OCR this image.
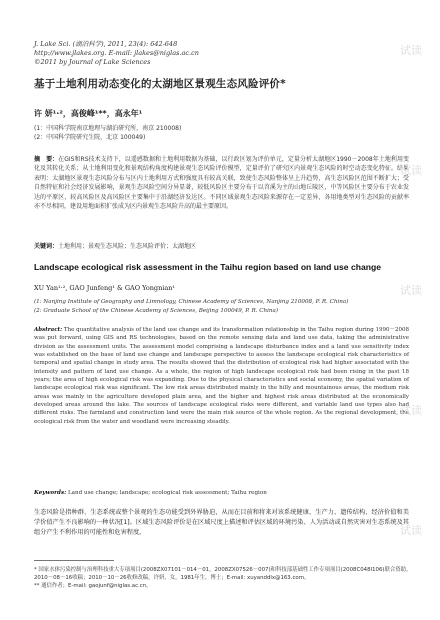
J. Lake Sci. (湖泊科学), 2011, 23(4): 642-648
http://www.jlakes.org. E-mail: jlakes@niglas.ac.cn
©2011 by Journal of Lake Sciences
基于土地利用动态变化的太湖地区景观生态风险评价*
许 妍¹·²，高俊峰¹**，高永年¹
(1：中国科学院南京地理与湖泊研究所，南京 210008)
(2：中国科学院研究生院，北京 100049)
摘　要：在GIS和RS技术支持下，以遥感数据和土地利用数据为基础，以行政区划为评价单元，定量分析太湖地区1990－2008年土地利用变化及其转化关系；从土地利用变化和景观结构角度构建景观生态风险评价模型，定量评价了研究区内景观生态风险的时空动态变化特征。结果表明：太湖地区景观生态风险分布与区内土地利用方式和强度具有较高关联，致使生态风险整体呈上升趋势，高生态风险区范围不断扩大；受自然特征和社会经济发展影响，景观生态风险空间分异显著，较低风险区主要分布于以苕溪为主的山地丘陵区，中等风险区主要分布于农业发达的平原区，较高风险区及高风险区主要集中于沿湖经济发达区。不同区域景观生态风险来源存在一定差异，各用地类型对生态风险的贡献率亦不尽相同，建设用地面积扩张成为区内景观生态风险升高的最主要原因。
关键词：土地利用；景观生态风险；生态风险评价；太湖地区
Landscape ecological risk assessment in the Taihu region based on land use change
XU Yan¹·², GAO Junfeng¹ & GAO Yongnian¹
(1: Nanjing Institute of Geography and Limnology, Chinese Academy of Sciences, Nanjing 210008, P. R. China)
(2: Graduate School of the Chinese Academy of Sciences, Beijing 100049, P. R. China)
Abstract: The quantitative analysis of the land use change and its transformation relationship in the Taihu region during 1990－2008 was put forward, using GIS and RS technologies, based on the remote sensing data and land use data, taking the administrative division as the assessment units. The assessment model comprising a landscape disturbance index and a land use sensitivity index was established on the base of land use change and landscape perspective to assess the landscape ecological risk characteristics of temporal and spatial change in study area. The results showed that the distribution of ecological risk had higher associated with the intensity and pattern of land use change. As a whole, the region of high landscape ecological risk had been rising in the past 18 years; the area of high ecological risk was expanding. Due to the physical characteristics and social economy, the spatial variation of landscape ecological risk was significant. The low risk areas distributed mainly in the hilly and mountainous areas, the medium risk areas was mainly in the agriculture developed plain area, and the higher and highest risk areas distributed at the economically developed areas around the lake. The sources of landscape ecological risks were different, and variable land use types also had different risks. The farmland and construction land were the main risk source of the whole region. As the regional development, the ecological risk from the water and woodland were increasing steadily.
Keywords: Land use change; landscape; ecological risk assessment; Taihu region
生态风险是指种群、生态系统或整个景观的生态功能受到外界胁迫，从而在目前和将来对该系统健康、生产力、遗传结构、经济价值和美学价值产生不良影响的一种状况[1]。区域生态风险评价是在区域尺度上描述和评估区域的环境污染、人为活动或自然灾害对生态系统及其组分产生不利作用的可能性和危害程度，
* 国家水体污染控制与治理科技重大专项项目(2008ZX07101－014－01，2008ZX07526－007)和科技部基础性工作专项项目(2008C048I106)联合资助。2010－08－16收稿；2010－10－26收修改稿。许妍，女，1981年生，博士；E-mail: xuyanddlx@163.com。
** 通信作者；E-mail: gaojunf@niglas.ac.cn。
试读
试读
试读
试读
试读
